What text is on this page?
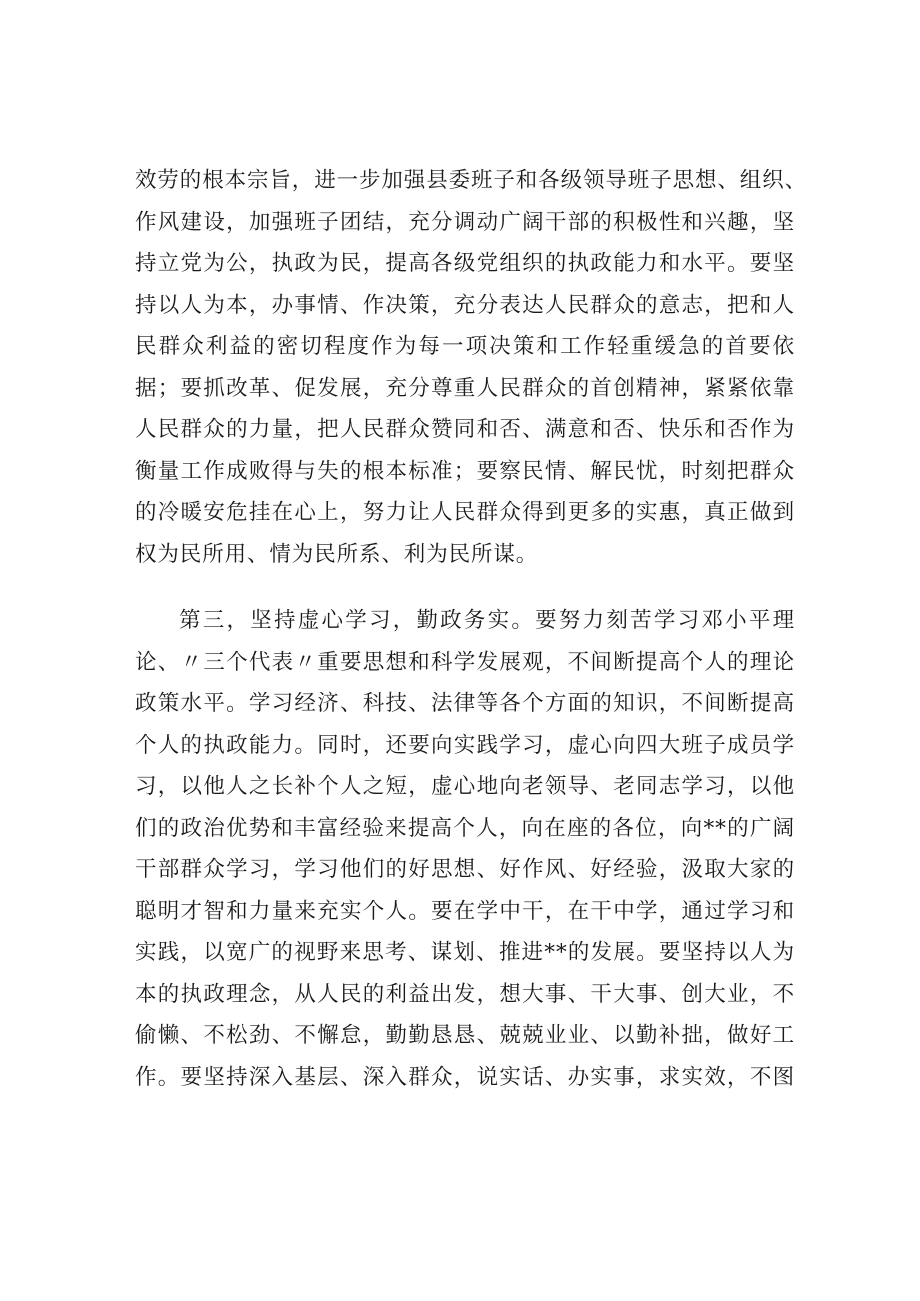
效劳的根本宗旨，进一步加强县委班子和各级领导班子思想、组织、
作风建设，加强班子团结，充分调动广阔干部的积极性和兴趣，坚
持立党为公，执政为民，提高各级党组织的执政能力和水平。要坚
持以人为本，办事情、作决策，充分表达人民群众的意志，把和人
民群众利益的密切程度作为每一项决策和工作轻重缓急的首要依
据；要抓改革、促发展，充分尊重人民群众的首创精神，紧紧依靠
人民群众的力量，把人民群众赞同和否、满意和否、快乐和否作为
衡量工作成败得与失的根本标准；要察民情、解民忧，时刻把群众
的冷暖安危挂在心上，努力让人民群众得到更多的实惠，真正做到
权为民所用、情为民所系、利为民所谋。
第三，坚持虚心学习，勤政务实。要努力刻苦学习邓小平理
论、〃三个代表〃重要思想和科学发展观，不间断提高个人的理论
政策水平。学习经济、科技、法律等各个方面的知识，不间断提高
个人的执政能力。同时，还要向实践学习，虚心向四大班子成员学
习，以他人之长补个人之短，虚心地向老领导、老同志学习，以他
们的政治优势和丰富经验来提高个人，向在座的各位，向**的广阔
干部群众学习，学习他们的好思想、好作风、好经验，汲取大家的
聪明才智和力量来充实个人。要在学中干，在干中学，通过学习和
实践，以宽广的视野来思考、谋划、推进**的发展。要坚持以人为
本的执政理念，从人民的利益出发，想大事、干大事、创大业，不
偷懒、不松劲、不懈怠，勤勤恳恳、兢兢业业、以勤补拙，做好工
作。要坚持深入基层、深入群众，说实话、办实事，求实效，不图
